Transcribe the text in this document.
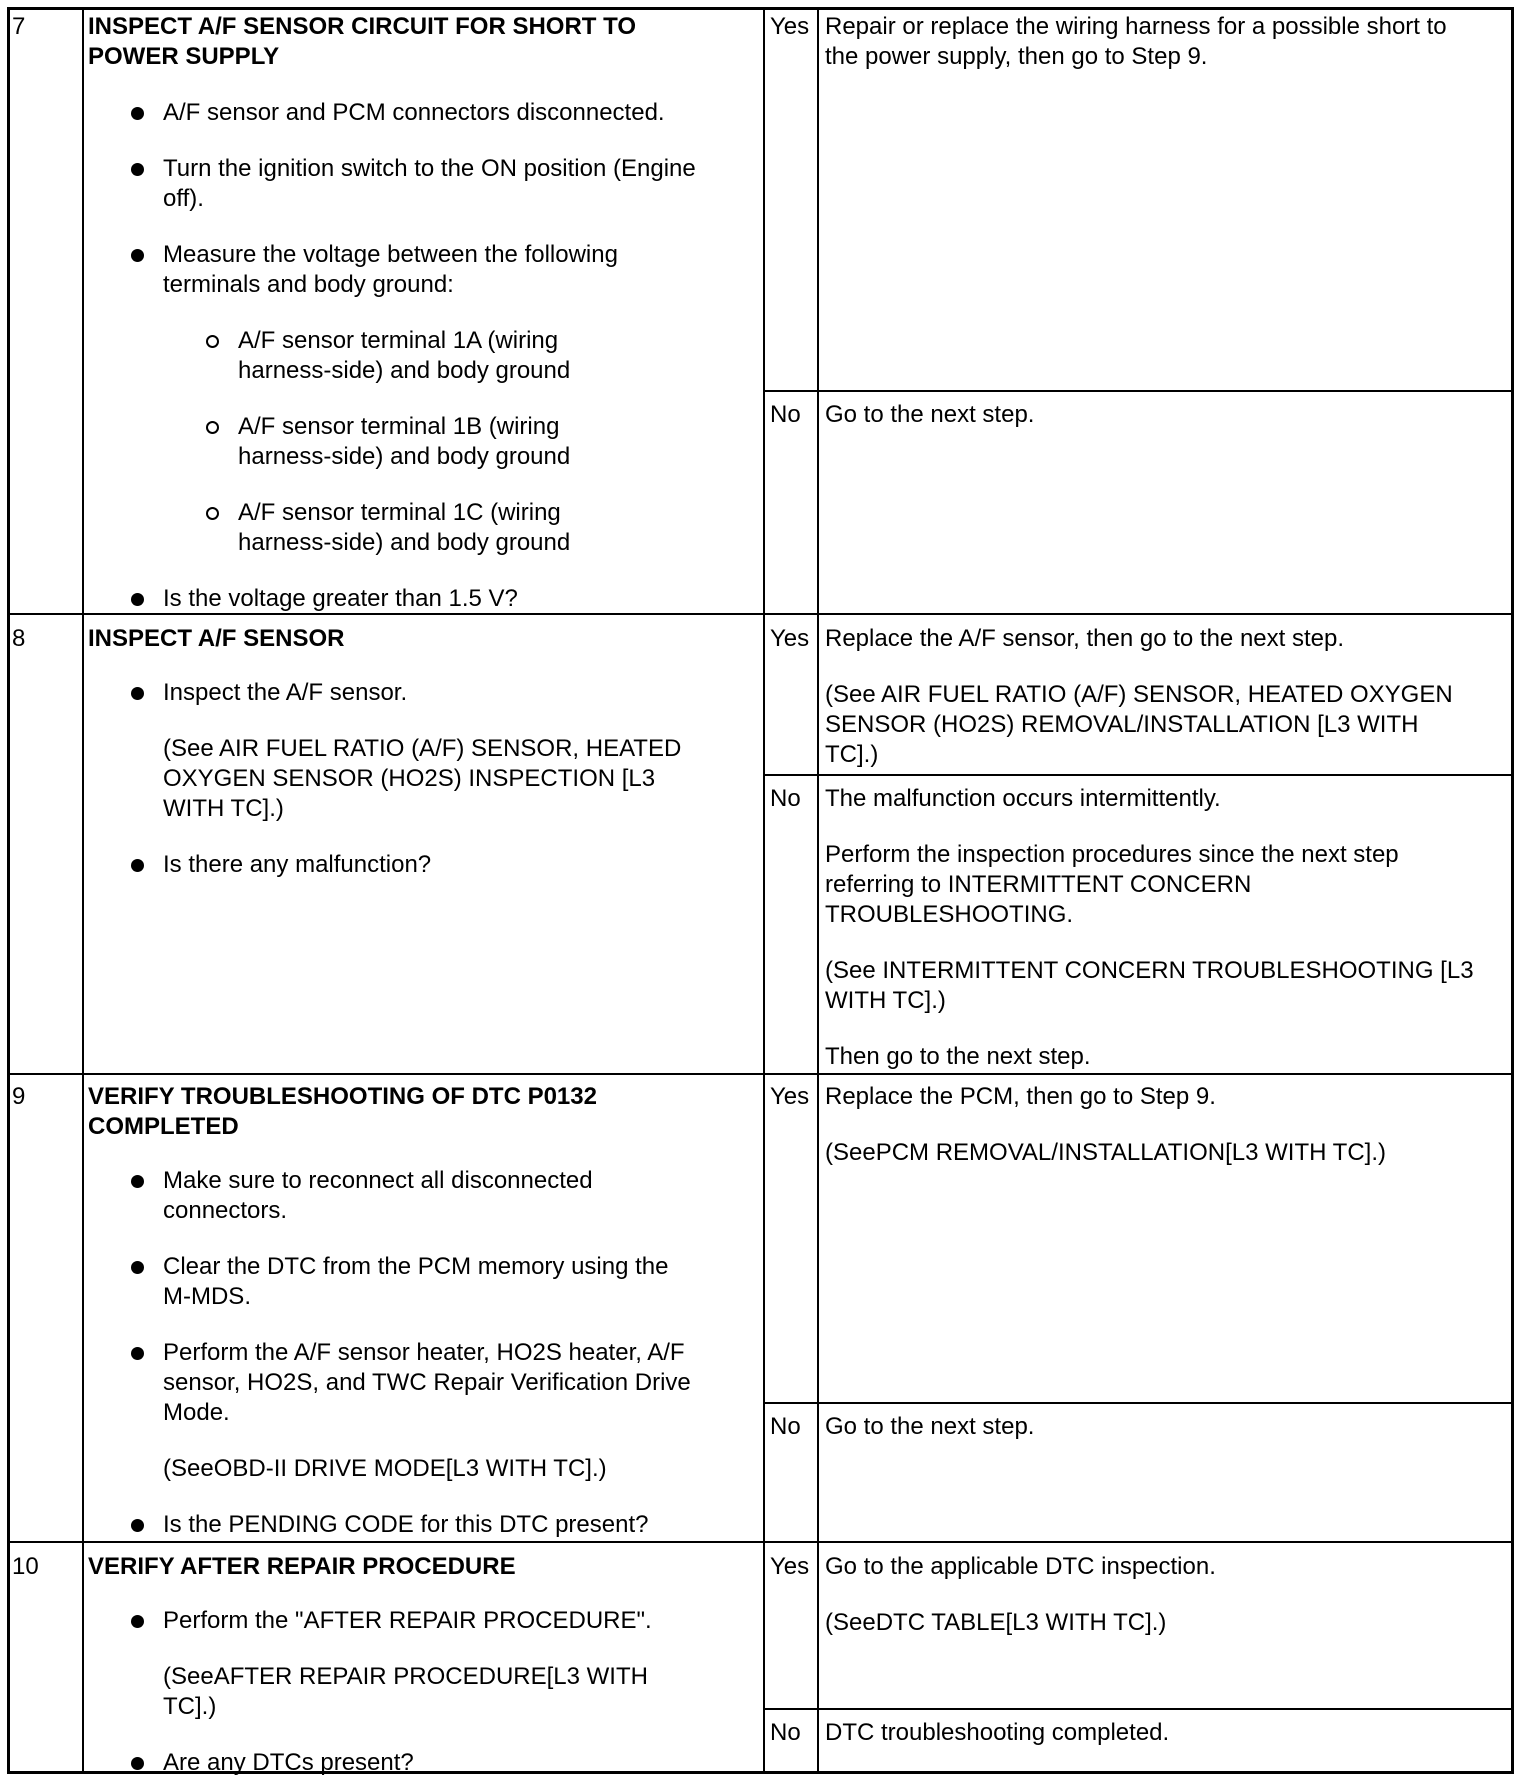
7	INSPECT A/F SENSOR CIRCUIT FOR SHORT TO
POWER SUPPLY
A/F sensor and PCM connectors disconnected.
Turn the ignition switch to the ON position (Engine
off).
Measure the voltage between the following
terminals and body ground:
A/F sensor terminal 1A (wiring
harness-side) and body ground
A/F sensor terminal 1B (wiring
harness-side) and body ground
A/F sensor terminal 1C (wiring
harness-side) and body ground
Is the voltage greater than 1.5 V?
Yes Repair or replace the wiring harness for a possible short to
the power supply, then go to Step 9.
No Go to the next step.
8	INSPECT A/F SENSOR
Inspect the A/F sensor.
(See AIR FUEL RATIO (A/F) SENSOR, HEATED
OXYGEN SENSOR (HO2S) INSPECTION [L3
WITH TC].)
Is there any malfunction?
Yes Replace the A/F sensor, then go to the next step.
(See AIR FUEL RATIO (A/F) SENSOR, HEATED OXYGEN
SENSOR (HO2S) REMOVAL/INSTALLATION [L3 WITH
TC].)
No The malfunction occurs intermittently.
Perform the inspection procedures since the next step
referring to INTERMITTENT CONCERN
TROUBLESHOOTING.
(See INTERMITTENT CONCERN TROUBLESHOOTING [L3
WITH TC].)
Then go to the next step.
9	VERIFY TROUBLESHOOTING OF DTC P0132
COMPLETED
Make sure to reconnect all disconnected
connectors.
Clear the DTC from the PCM memory using the
M-MDS.
Perform the A/F sensor heater, HO2S heater, A/F
sensor, HO2S, and TWC Repair Verification Drive
Mode.
(SeeOBD-II DRIVE MODE[L3 WITH TC].)
Is the PENDING CODE for this DTC present?
Yes Replace the PCM, then go to Step 9.
(SeePCM REMOVAL/INSTALLATION[L3 WITH TC].)
No Go to the next step.
10 VERIFY AFTER REPAIR PROCEDURE
Perform the "AFTER REPAIR PROCEDURE".
(SeeAFTER REPAIR PROCEDURE[L3 WITH
TC].)
Are any DTCs present?
Yes Go to the applicable DTC inspection.
(SeeDTC TABLE[L3 WITH TC].)
No DTC troubleshooting completed.
